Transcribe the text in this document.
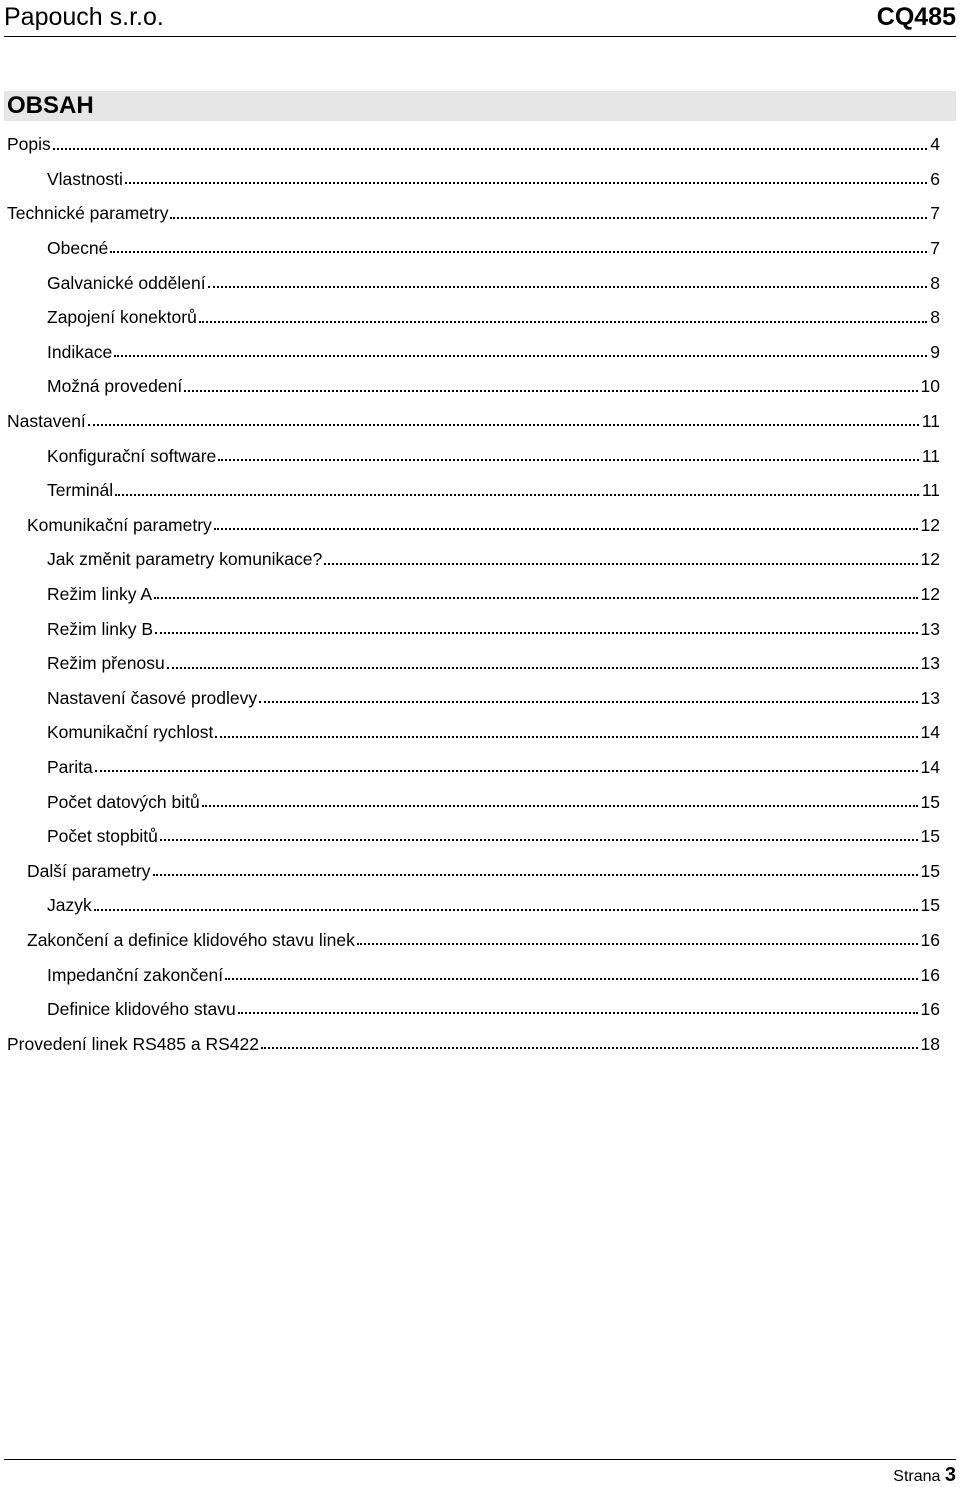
Papouch s.r.o.	CQ485
OBSAH
Popis	4
Vlastnosti	6
Technické parametry	7
Obecné	7
Galvanické oddělení	8
Zapojení konektorů	8
Indikace	9
Možná provedení	10
Nastavení	11
Konfigurační software	11
Terminál	11
Komunikační parametry	12
Jak změnit parametry komunikace?	12
Režim linky A	12
Režim linky B	13
Režim přenosu	13
Nastavení časové prodlevy	13
Komunikační rychlost	14
Parita	14
Počet datových bitů	15
Počet stopbitů	15
Další parametry	15
Jazyk	15
Zakončení a definice klidového stavu linek	16
Impedanční zakončení	16
Definice klidového stavu	16
Provedení linek RS485 a RS422	18
Strana 3
